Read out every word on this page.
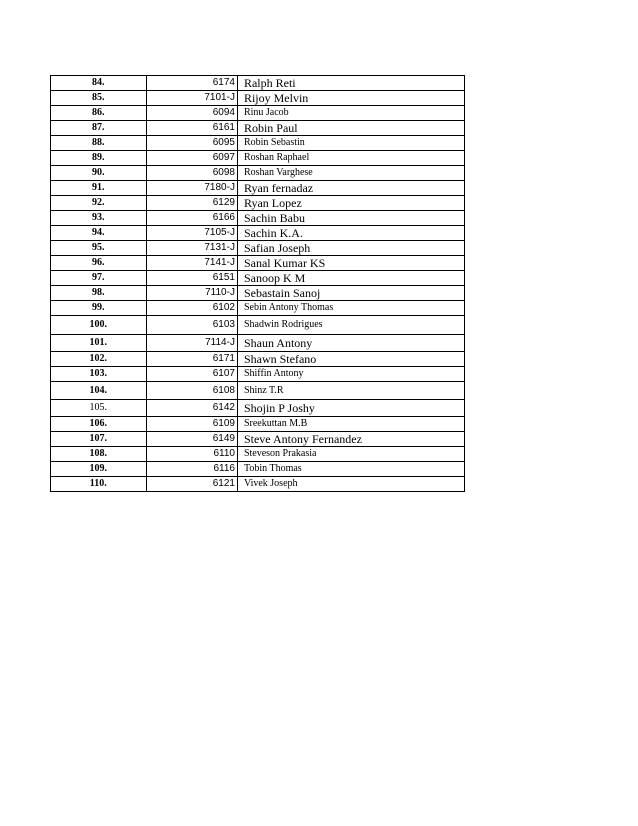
84.	6174	Ralph Reti
85.	7101-J	Rijoy Melvin
86.	6094	Rinu Jacob
87.	6161	Robin Paul
88.	6095	Robin Sebastin
89.	6097	Roshan Raphael
90.	6098	Roshan Varghese
91.	7180-J	Ryan fernadaz
92.	6129	Ryan Lopez
93.	6166	Sachin Babu
94.	7105-J	Sachin K.A.
95.	7131-J	Safian Joseph
96.	7141-J	Sanal Kumar KS
97.	6151	Sanoop K M
98.	7110-J	Sebastain Sanoj
99.	6102	Sebin Antony Thomas
100.	6103	Shadwin Rodrigues
101.	7114-J	Shaun Antony
102.	6171	Shawn Stefano
103.	6107	Shiffin Antony
104.	6108	Shinz T.R
105.	6142	Shojin P Joshy
106.	6109	Sreekuttan M.B
107.	6149	Steve Antony Fernandez
108.	6110	Steveson Prakasia
109.	6116	Tobin Thomas
110.	6121	Vivek Joseph
